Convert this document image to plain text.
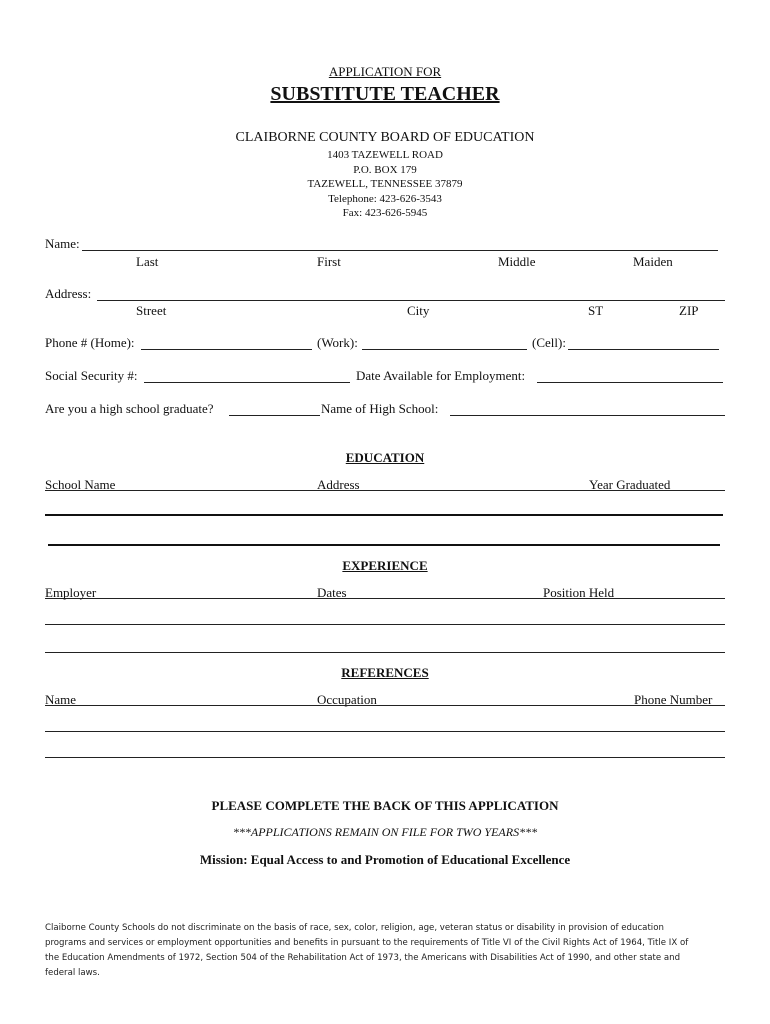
APPLICATION FOR
SUBSTITUTE TEACHER
CLAIBORNE COUNTY BOARD OF EDUCATION
1403 TAZEWELL ROAD
P.O. BOX 179
TAZEWELL, TENNESSEE 37879
Telephone: 423-626-3543
Fax: 423-626-5945
Name:
Last	First	Middle	Maiden
Address:
Street	City	ST	ZIP
Phone # (Home):	(Work):	(Cell):
Social Security #:	Date Available for Employment:
Are you a high school graduate?	Name of High School:
EDUCATION
School Name	Address	Year Graduated
EXPERIENCE
Employer	Dates	Position Held
REFERENCES
Name	Occupation	Phone Number
PLEASE COMPLETE THE BACK OF THIS APPLICATION
***APPLICATIONS REMAIN ON FILE FOR TWO YEARS***
Mission: Equal Access to and Promotion of Educational Excellence
Claiborne County Schools do not discriminate on the basis of race, sex, color, religion, age, veteran status or disability in provision of education programs and services or employment opportunities and benefits in pursuant to the requirements of Title VI of the Civil Rights Act of 1964, Title IX of the Education Amendments of 1972, Section 504 of the Rehabilitation Act of 1973, the Americans with Disabilities Act of 1990, and other state and federal laws.
